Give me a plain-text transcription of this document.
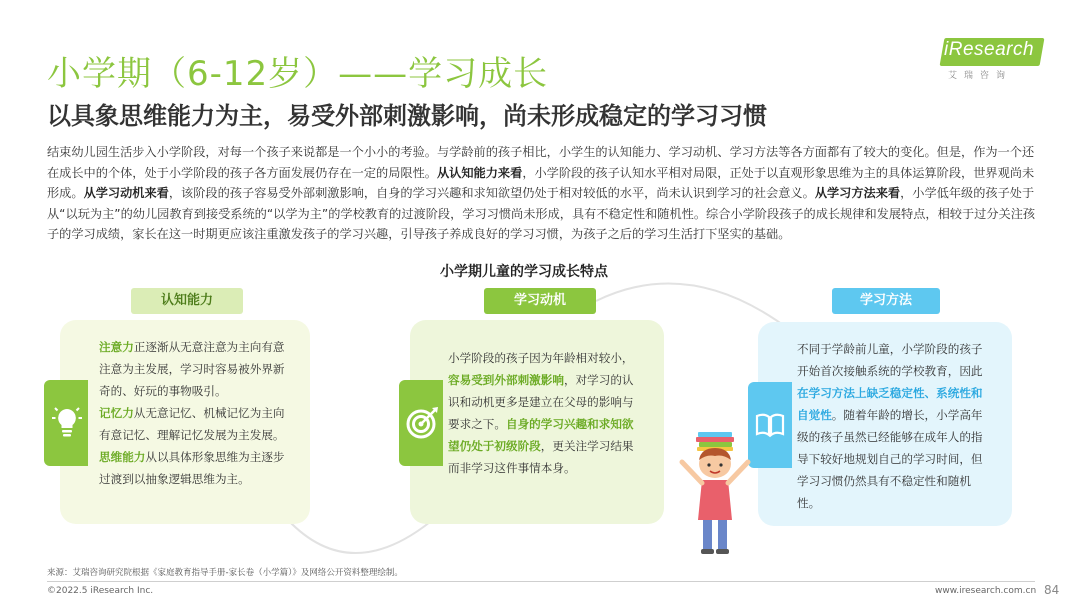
小学期（6-12岁）——学习成长
以具象思维能力为主，易受外部刺激影响，尚未形成稳定的学习习惯
iResearch
艾瑞咨询
结束幼儿园生活步入小学阶段，对每一个孩子来说都是一个小小的考验。与学龄前的孩子相比，小学生的认知能力、学习动机、学习方法等各方面都有了较大的变化。但是，作为一个还在成长中的个体，处于小学阶段的孩子各方面发展仍存在一定的局限性。从认知能力来看，小学阶段的孩子认知水平相对局限，正处于以直观形象思维为主的具体运算阶段，世界观尚未形成。从学习动机来看，该阶段的孩子容易受外部刺激影响，自身的学习兴趣和求知欲望仍处于相对较低的水平，尚未认识到学习的社会意义。从学习方法来看，小学低年级的孩子处于从“以玩为主”的幼儿园教育到接受系统的“以学为主”的学校教育的过渡阶段，学习习惯尚未形成，具有不稳定性和随机性。综合小学阶段孩子的成长规律和发展特点，相较于过分关注孩子的学习成绩，家长在这一时期更应该注重激发孩子的学习兴趣，引导孩子养成良好的学习习惯，为孩子之后的学习生活打下坚实的基础。
小学期儿童的学习成长特点
认知能力	学习动机	学习方法
注意力正逐渐从无意注意为主向有意注意为主发展，学习时容易被外界新奇的、好玩的事物吸引。
记忆力从无意记忆、机械记忆为主向有意记忆、理解记忆发展为主发展。
思维能力从以具体形象思维为主逐步过渡到以抽象逻辑思维为主。
小学阶段的孩子因为年龄相对较小，容易受到外部刺激影响，对学习的认识和动机更多是建立在父母的影响与要求之下。自身的学习兴趣和求知欲望仍处于初级阶段，更关注学习结果而非学习这件事情本身。
不同于学龄前儿童，小学阶段的孩子开始首次接触系统的学校教育，因此在学习方法上缺乏稳定性、系统性和自觉性。随着年龄的增长，小学高年级的孩子虽然已经能够在成年人的指导下较好地规划自己的学习时间，但学习习惯仍然具有不稳定性和随机性。
来源：艾瑞咨询研究院根据《家庭教育指导手册-家长卷（小学篇）》及网络公开资料整理绘制。
©2022.5 iResearch Inc.	www.iresearch.com.cn 84
